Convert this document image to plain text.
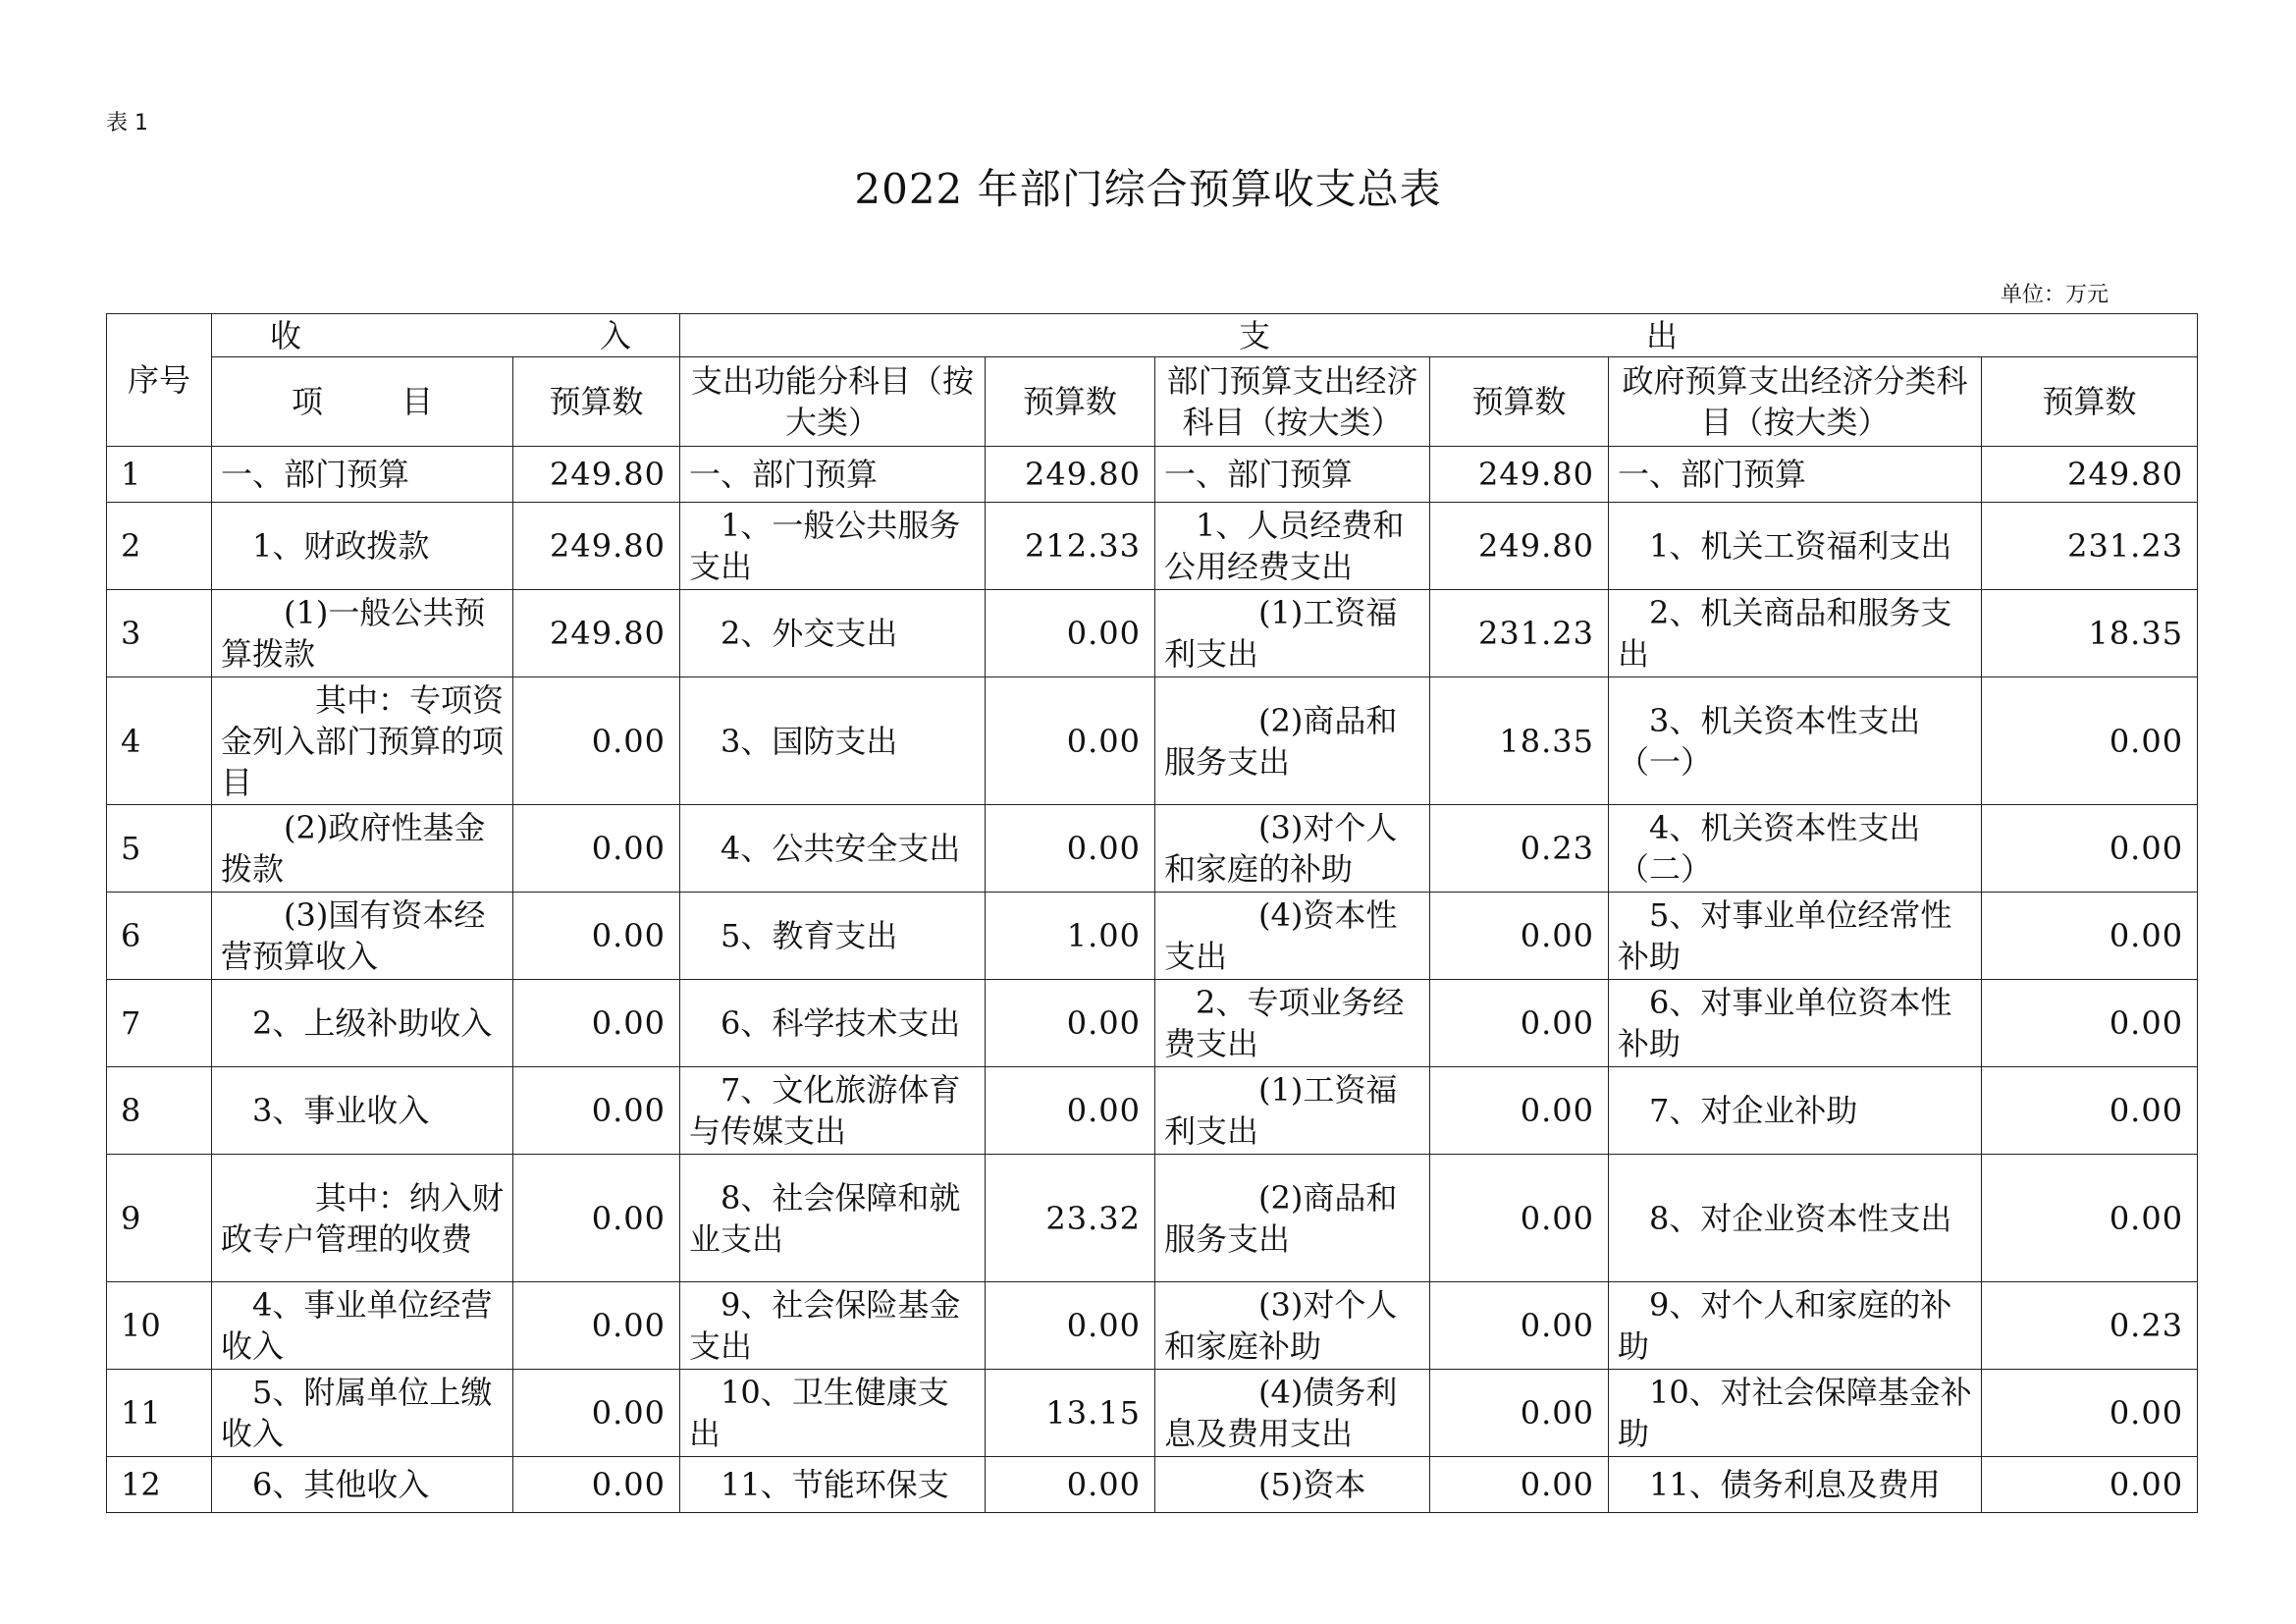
表 1
2022 年部门综合预算收支总表
单位：万元
序号	收 入		支 出					

	项 目	预算数	支出功能分科目（按大类）	预算数	部门预算支出经济科目（按大类）	预算数	政府预算支出经济分类科目（按大类）	预算数
1	一、部门预算	249.80	一、部门预算	249.80	一、部门预算	249.80	一、部门预算	249.80
2	　1、财政拨款	249.80	　1、一般公共服务支出	212.33	　1、人员经费和公用经费支出	249.80	　1、机关工资福利支出	231.23
3	　　(1)一般公共预算拨款	249.80	　2、外交支出	0.00	　　　(1)工资福利支出	231.23	　2、机关商品和服务支出	18.35
4	　　　其中：专项资金列入部门预算的项目	0.00	　3、国防支出	0.00	　　　(2)商品和服务支出	18.35	　3、机关资本性支出（一）	0.00
5	　　(2)政府性基金拨款	0.00	　4、公共安全支出	0.00	　　　(3)对个人和家庭的补助	0.23	　4、机关资本性支出（二）	0.00
6	　　(3)国有资本经营预算收入	0.00	　5、教育支出	1.00	　　　(4)资本性支出	0.00	　5、对事业单位经常性补助	0.00
7	　2、上级补助收入	0.00	　6、科学技术支出	0.00	　2、专项业务经费支出	0.00	　6、对事业单位资本性补助	0.00
8	　3、事业收入	0.00	　7、文化旅游体育与传媒支出	0.00	　　　(1)工资福利支出	0.00	　7、对企业补助	0.00
9	　　　其中：纳入财政专户管理的收费	0.00	　8、社会保障和就业支出	23.32	　　　(2)商品和服务支出	0.00	　8、对企业资本性支出	0.00
10	　4、事业单位经营收入	0.00	　9、社会保险基金支出	0.00	　　　(3)对个人和家庭补助	0.00	　9、对个人和家庭的补助	0.23
11	　5、附属单位上缴收入	0.00	　10、卫生健康支出	13.15	　　　(4)债务利息及费用支出	0.00	　10、对社会保障基金补助	0.00
12	　6、其他收入	0.00	　11、节能环保支	0.00	　　　(5)资本	0.00	　11、债务利息及费用	0.00
